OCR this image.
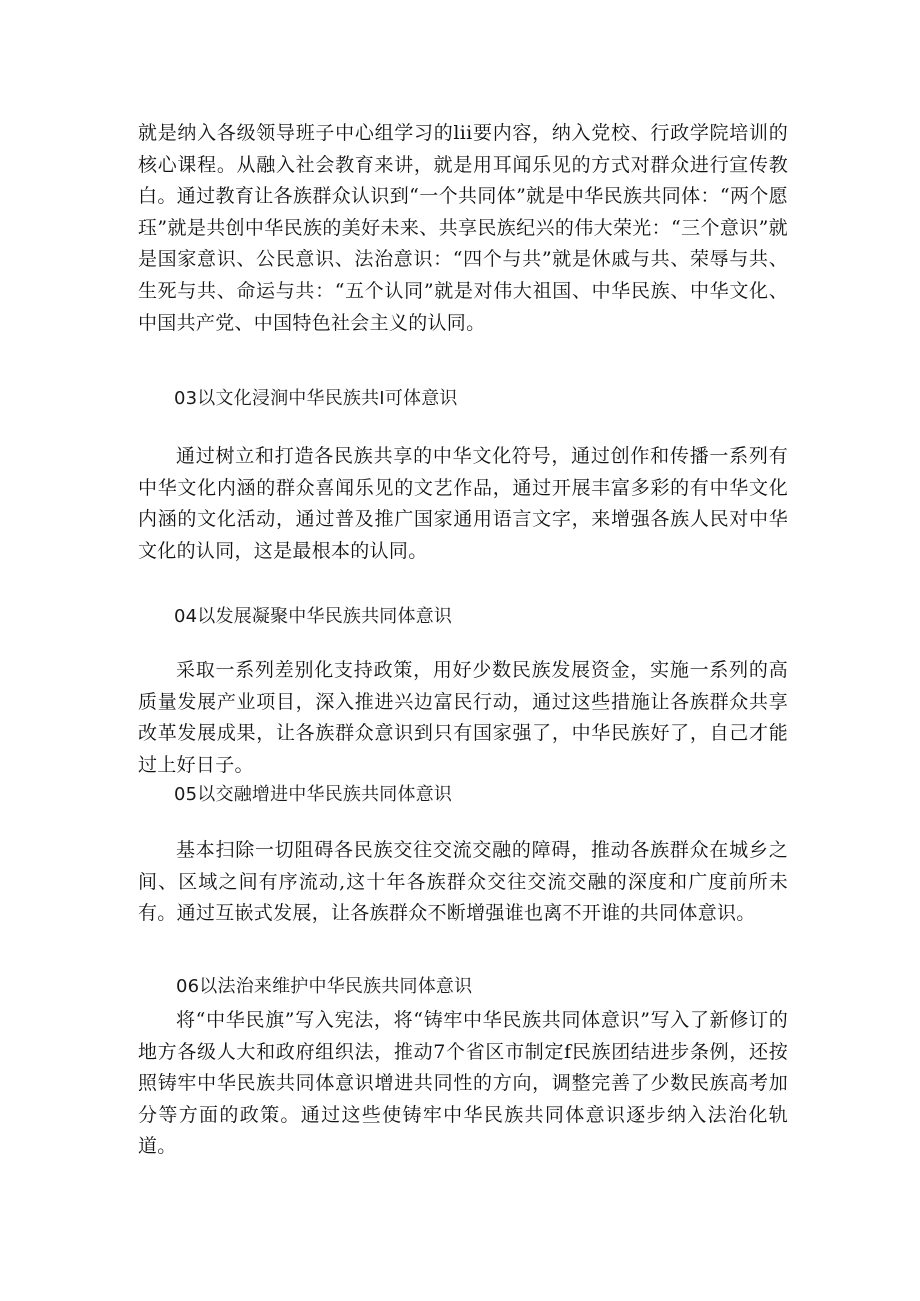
就是纳入各级领导班子中心组学习的lii要内容，纳入党校、行政学院培训的核心课程。从融入社会教育来讲，就是用耳闻乐见的方式对群众进行宣传教白。通过教育让各族群众认识到“一个共同体”就是中华民族共同体：“两个愿珏”就是共创中华民族的美好未来、共享民族纪兴的伟大荣光：“三个意识”就是国家意识、公民意识、法治意识：“四个与共”就是休戚与共、荣辱与共、生死与共、命运与共：“五个认同”就是对伟大祖国、中华民族、中华文化、中国共产党、中国特色社会主义的认同。

03以文化浸涧中华民族共I可体意识

通过树立和打造各民族共享的中华文化符号，通过创作和传播一系列有中华文化内涵的群众喜闻乐见的文艺作品，通过开展丰富多彩的有中华文化内涵的文化活动，通过普及推广国家通用语言文字，来增强各族人民对中华文化的认同，这是最根本的认同。

04以发展凝聚中华民族共同体意识

采取一系列差别化支持政策，用好少数民族发展资金，实施一系列的高质量发展产业项目，深入推进兴边富民行动，通过这些措施让各族群众共享改革发展成果，让各族群众意识到只有国家强了，中华民族好了，自己才能过上好日子。

05以交融增进中华民族共同体意识

基本扫除一切阻碍各民族交往交流交融的障碍，推动各族群众在城乡之间、区域之间有序流动,这十年各族群众交往交流交融的深度和广度前所未有。通过互嵌式发展，让各族群众不断增强谁也离不开谁的共同体意识。

06以法治来维护中华民族共同体意识

将“中华民旗”写入宪法，将“铸牢中华民族共同体意识”写入了新修订的地方各级人大和政府组织法，推动7个省区市制定f民族团结进步条例，还按照铸牢中华民族共同体意识增进共同性的方向，调整完善了少数民族高考加分等方面的政策。通过这些使铸牢中华民族共同体意识逐步纳入法治化轨道。
